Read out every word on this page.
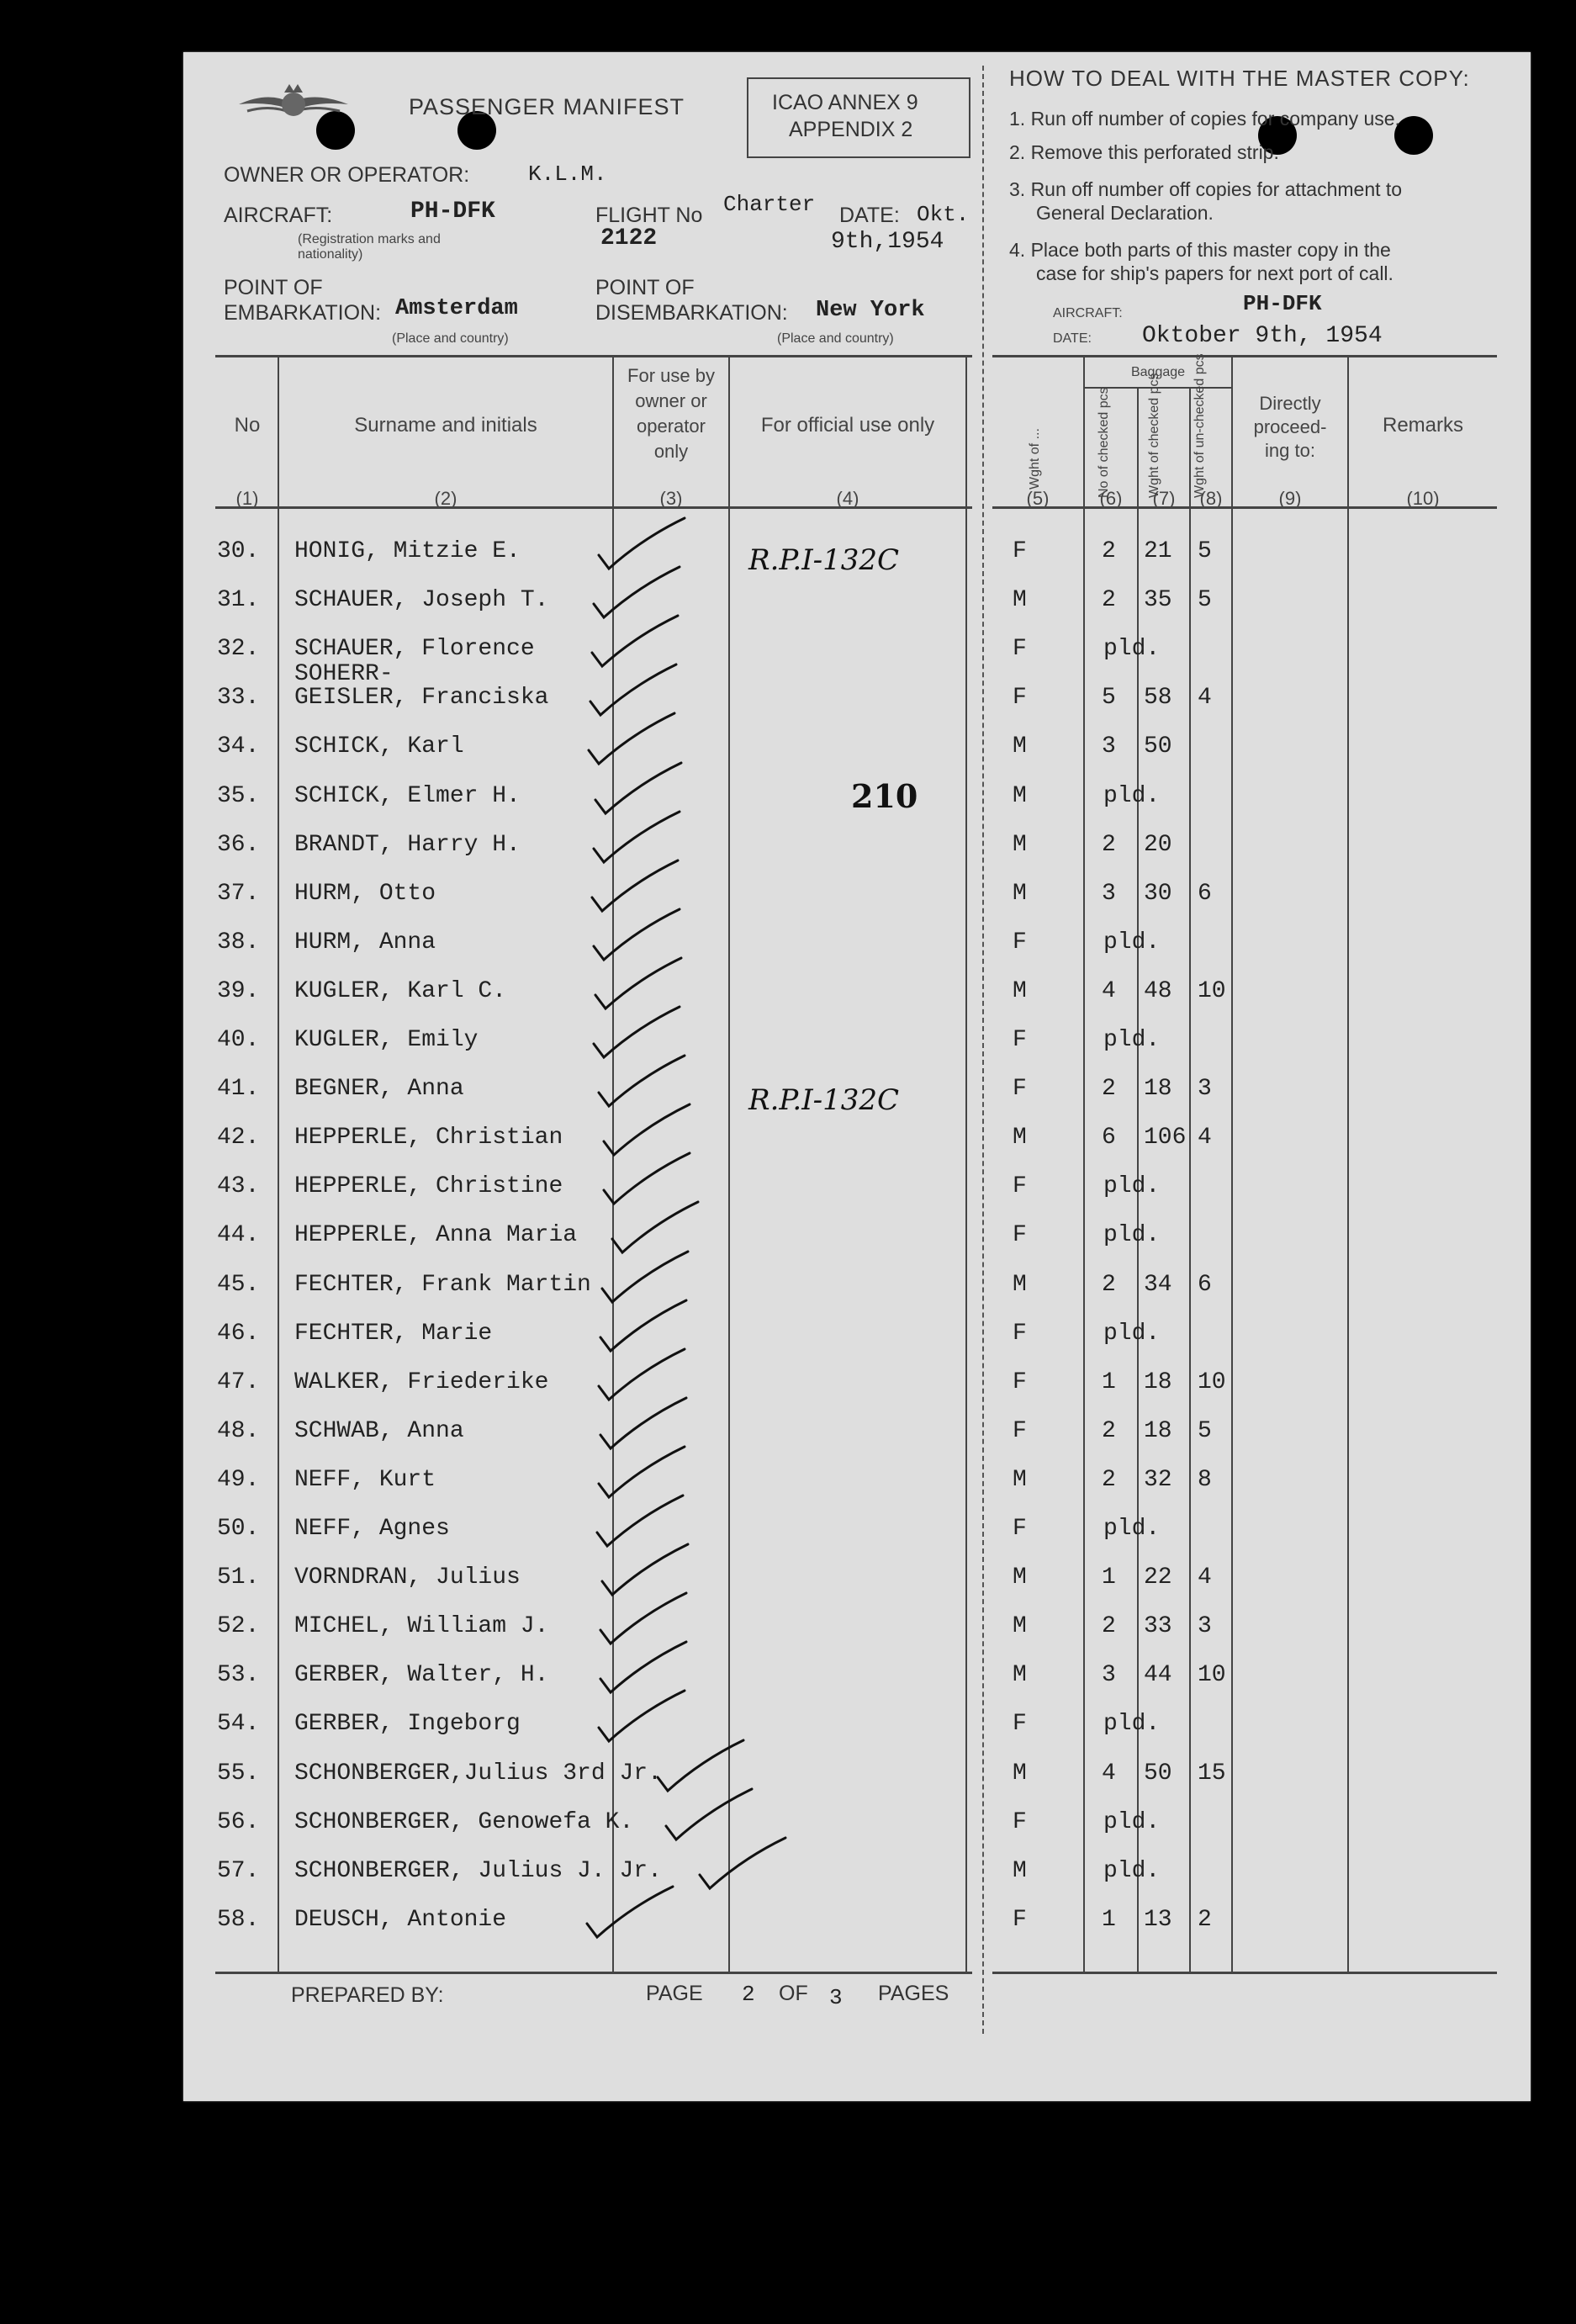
PASSENGER MANIFEST	ICAO ANNEX 9
APPENDIX 2
OWNER OR OPERATOR:	K.L.M.
AIRCRAFT:	PH-DFK
(Registration marks and nationality)
FLIGHT No Charter
2122
DATE: Okt.
9th,1954
POINT OF
EMBARKATION: Amsterdam
(Place and country)
POINT OF
DISEMBARKATION: New York
(Place and country)
HOW TO DEAL WITH THE MASTER COPY:
1. Run off number of copies for company use.
2. Remove this perforated strip.
3. Run off number off copies for attachment to
General Declaration.
4. Place both parts of this master copy in the
case for ship's papers for next port of call.
AIRCRAFT:	PH-DFK
DATE: Oktober 9th, 1954
No	Surname and initials
For use by owner or operator only
For official use only
Wght of ...
Baggage
No of checked pcs	Wght of checked pcs Wght of un-checked pcs	Directly proceed-ing to:
Remarks
(1)	(2)	(3)	(4)	(5)	(6)	(7)	(8)	(9)	(10)
R.P.I-132C
210
R.P.I-132C
30. HONIG, Mitzie E.	F	2 21 5
31. SCHAUER, Joseph T.	M	2 35 5
32. SCHAUER, Florence	F	pld.
33.
SOHERR-
GEISLER, Franciska	F	5 58 4
34. SCHICK, Karl	M	3 50
35. SCHICK, Elmer H.	M	pld.
36. BRANDT, Harry H.	M	2 20
37. HURM, Otto	M	3 30 6
38. HURM, Anna	F	pld.
39. KUGLER, Karl C.	M	4 48 10
40. KUGLER, Emily	F	pld.
41. BEGNER, Anna	F	2 18 3
42. HEPPERLE, Christian	M	6 106 4
43. HEPPERLE, Christine	F	pld.
44. HEPPERLE, Anna Maria	F	pld.
45. FECHTER, Frank Martin	M	2 34 6
46. FECHTER, Marie	F	pld.
47. WALKER, Friederike	F	1 18 10
48. SCHWAB, Anna	F	2 18 5
49. NEFF, Kurt	M	2 32 8
50. NEFF, Agnes	F	pld.
51. VORNDRAN, Julius	M	1 22 4
52. MICHEL, William J.	M	2 33 3
53. GERBER, Walter, H.	M	3 44 10
54. GERBER, Ingeborg	F	pld.
55. SCHONBERGER,Julius 3rd Jr.	M	4 50 15
56. SCHONBERGER, Genowefa K.	F	pld.
57. SCHONBERGER, Julius J. Jr.	M	pld.
58. DEUSCH, Antonie	F	1 13 2
PREPARED BY:	PAGE 2 OF 3 PAGES
